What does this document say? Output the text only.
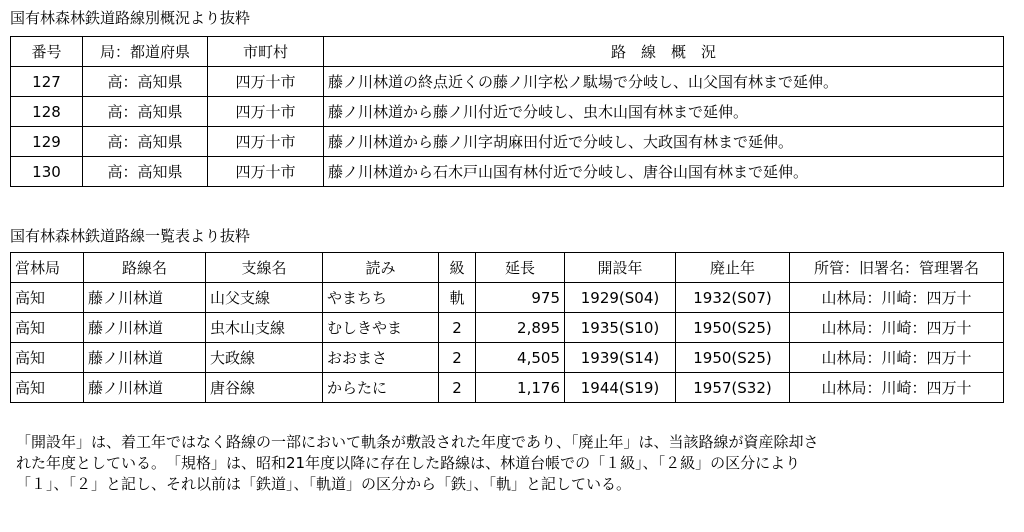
国有林森林鉄道路線別概況より抜粋
番号	局：都道府県	市町村	路　線　概　況
127	高：高知県	四万十市	藤ノ川林道の終点近くの藤ノ川字松ノ駄場で分岐し、山父国有林まで延伸。
128	高：高知県	四万十市	藤ノ川林道から藤ノ川付近で分岐し、虫木山国有林まで延伸。
129	高：高知県	四万十市	藤ノ川林道から藤ノ川字胡麻田付近で分岐し、大政国有林まで延伸。
130	高：高知県	四万十市	藤ノ川林道から石木戸山国有林付近で分岐し、唐谷山国有林まで延伸。
国有林森林鉄道路線一覧表より抜粋
営林局	路線名	支線名	読み	級	延長	開設年	廃止年	所管：旧署名：管理署名
高知	藤ノ川林道	山父支線	やまちち	軌	975	1929(S04)	1932(S07)	山林局：川崎：四万十
高知	藤ノ川林道	虫木山支線	むしきやま	2	2,895	1935(S10)	1950(S25)	山林局：川崎：四万十
高知	藤ノ川林道	大政線	おおまさ	2	4,505	1939(S14)	1950(S25)	山林局：川崎：四万十
高知	藤ノ川林道	唐谷線	からたに	2	1,176	1944(S19)	1957(S32)	山林局：川崎：四万十
「開設年」は、着工年ではなく路線の一部において軌条が敷設された年度であり、「廃止年」は、当該路線が資産除却さ
れた年度としている。　「規格」は、昭和21年度以降に存在した路線は、林道台帳での「１級」、「２級」の区分により
「１」、「２」と記し、それ以前は「鉄道」、「軌道」の区分から「鉄」、「軌」と記している。
